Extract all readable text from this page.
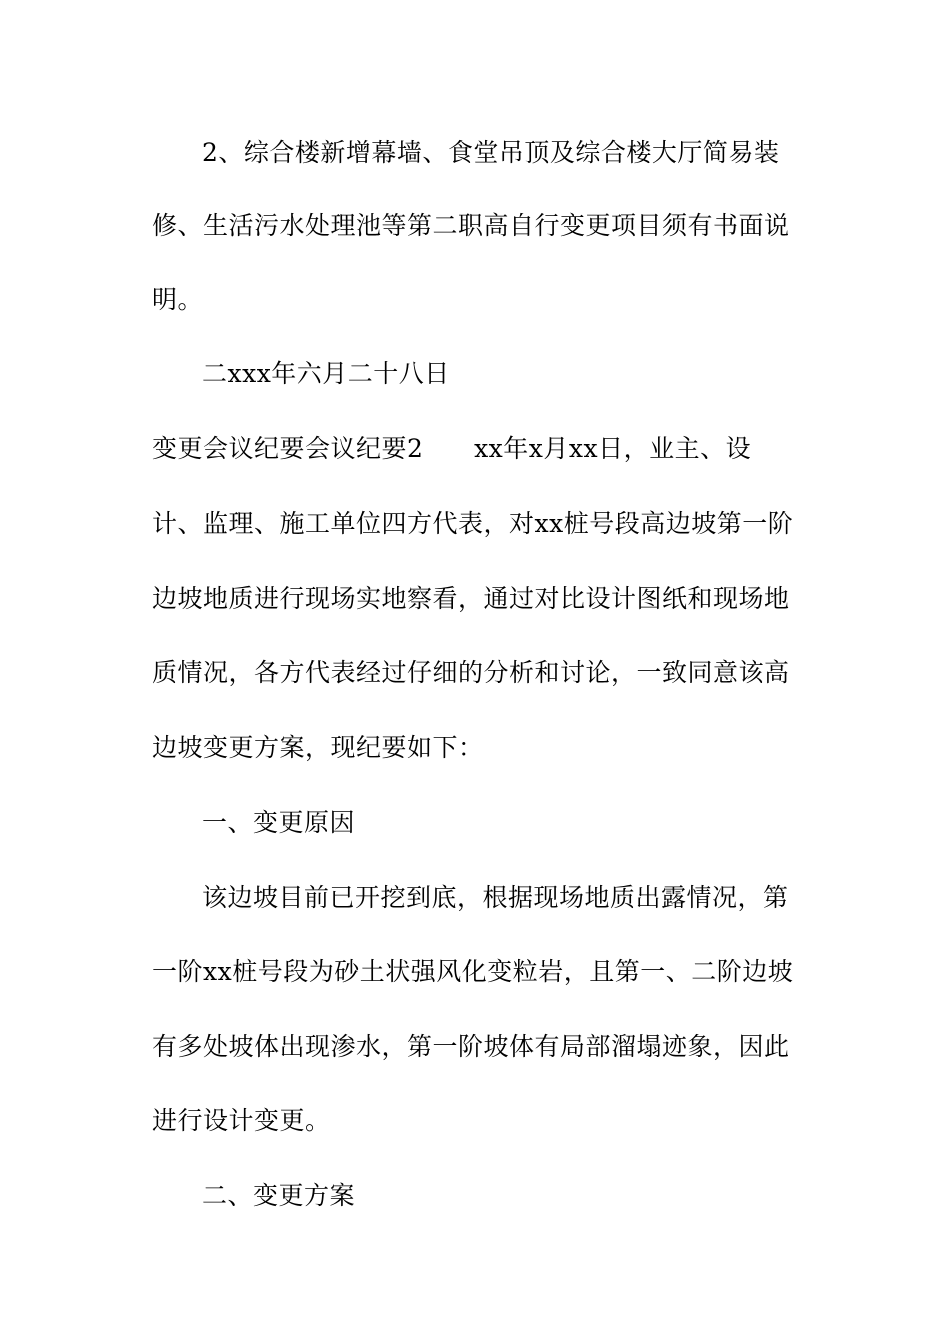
2、综合楼新增幕墙、食堂吊顶及综合楼大厅简易装
修、生活污水处理池等第二职高自行变更项目须有书面说
明。
二xxx年六月二十八日
变更会议纪要会议纪要2      xx年x月xx日，业主、设
计、监理、施工单位四方代表，对xx桩号段高边坡第一阶
边坡地质进行现场实地察看，通过对比设计图纸和现场地
质情况，各方代表经过仔细的分析和讨论，一致同意该高
边坡变更方案，现纪要如下：
一、变更原因
该边坡目前已开挖到底，根据现场地质出露情况，第
一阶xx桩号段为砂土状强风化变粒岩，且第一、二阶边坡
有多处坡体出现渗水，第一阶坡体有局部溜塌迹象，因此
进行设计变更。
二、变更方案
